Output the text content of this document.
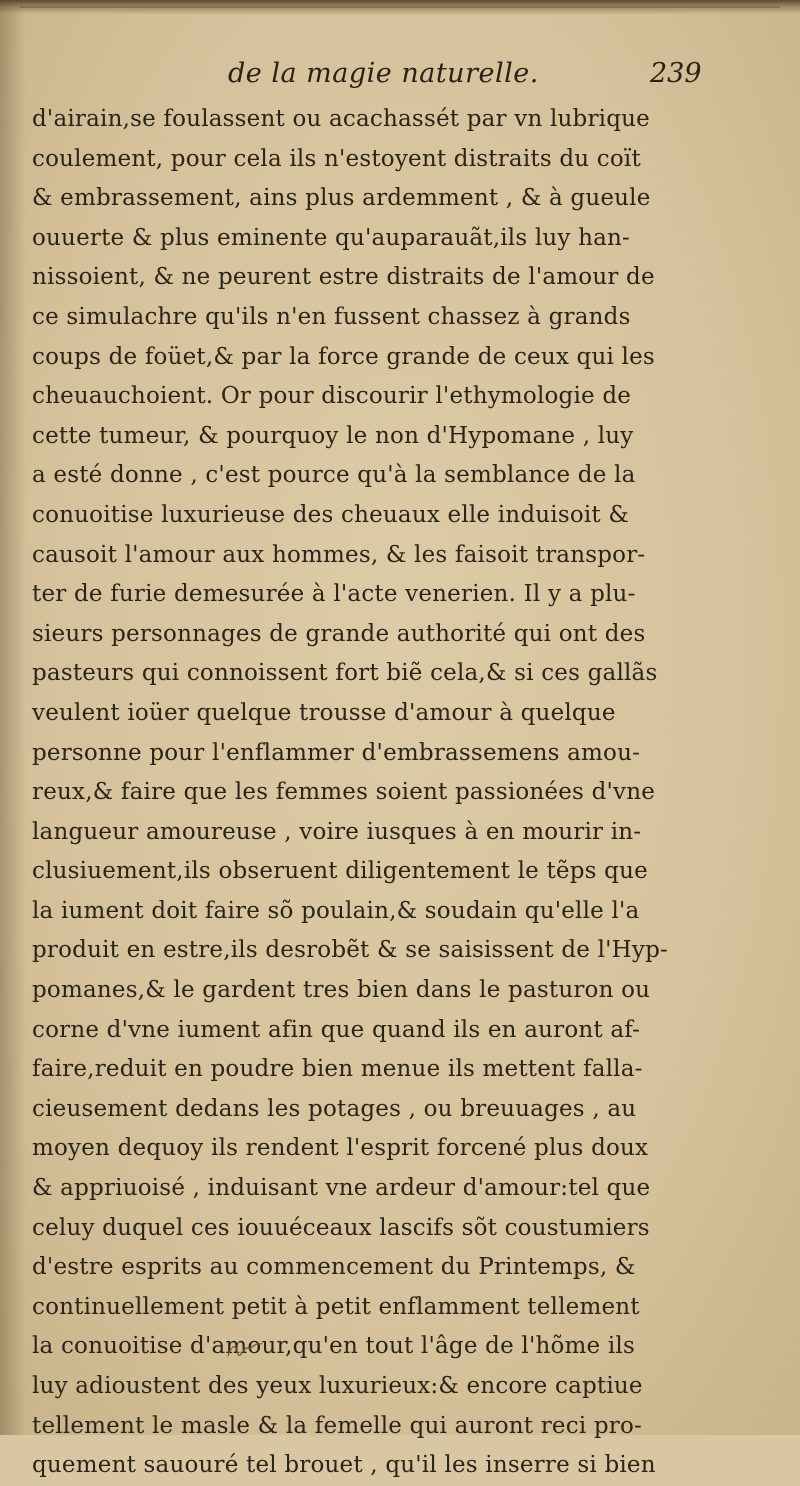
de la magie naturelle.	239
d'airain,se foulassent ou acachassét par vn lubrique
coulement, pour cela ils n'estoyent distraits du coït
& embrassement, ains plus ardemment , & à gueule
ouuerte & plus eminente qu'auparauãt,ils luy han-
nissoient, & ne peurent estre distraits de l'amour de
ce simulachre qu'ils n'en fussent chassez à grands
coups de foüet,& par la force grande de ceux qui les
cheuauchoient. Or pour discourir l'ethymologie de
cette tumeur, & pourquoy le non d'Hypomane , luy
a esté donne , c'est pource qu'à la semblance de la
conuoitise luxurieuse des cheuaux elle induisoit &
causoit l'amour aux hommes, & les faisoit transpor-
ter de furie demesurée à l'acte venerien. Il y a plu-
sieurs personnages de grande authorité qui ont des
pasteurs qui connoissent fort biẽ cela,& si ces gallãs
veulent ioüer quelque trousse d'amour à quelque
personne pour l'enflammer d'embrassemens amou-
reux,& faire que les femmes soient passionées d'vne
langueur amoureuse , voire iusques à en mourir in-
clusiuement,ils obseruent diligentement le tẽps que
la iument doit faire sõ poulain,& soudain qu'elle l'a
produit en estre,ils desrobẽt & se saisissent de l'Hyp-
pomanes,& le gardent tres bien dans le pasturon ou
corne d'vne iument afin que quand ils en auront af-
faire,reduit en poudre bien menue ils mettent falla-
cieusement dedans les potages , ou breuuages , au
moyen dequoy ils rendent l'esprit forcené plus doux
& appriuoisé , induisant vne ardeur d'amour:tel que
celuy duquel ces iouuéceaux lascifs sõt coustumiers
d'estre esprits au commencement du Printemps, &
continuellement petit à petit enflamment tellement
la conuoitise d'amour,qu'en tout l'âge de l'hõme ils
luy adioustent des yeux luxurieux:& encore captiue
tellement le masle & la femelle qui auront reci pro-
quement sauouré tel brouet , qu'il les inserre si bien
